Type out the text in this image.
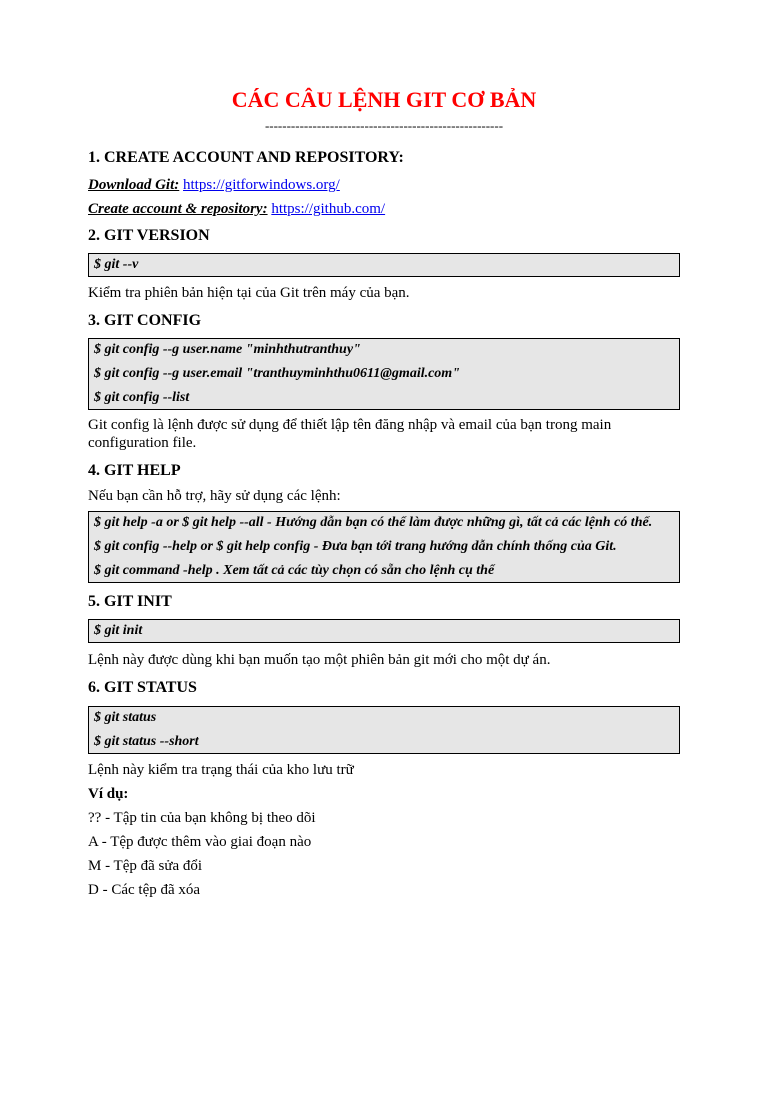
CÁC CÂU LỆNH GIT CƠ BẢN
-------------------------------------------------------
1. CREATE ACCOUNT AND REPOSITORY:

Download Git: https://gitforwindows.org/

Create account & repository: https://github.com/

2. GIT VERSION
$ git --v

Kiểm tra phiên bản hiện tại của Git trên máy của bạn.

3. GIT CONFIG
$ git config --g user.name "minhthutranthuy"
$ git config --g user.email "tranthuyminhthu0611@gmail.com"
$ git config --list

Git config là lệnh được sử dụng để thiết lập tên đăng nhập và email của bạn trong main configuration file.

4. GIT HELP

Nếu bạn cần hỗ trợ, hãy sử dụng các lệnh:

$ git help -a or $ git help --all - Hướng dẫn bạn có thể làm được những gì, tất cả các lệnh có thể.
$ git config --help or $ git help config - Đưa bạn tới trang hướng dẫn chính thống của Git.
$ git command -help . Xem tất cả các tùy chọn có sẵn cho lệnh cụ thể
5. GIT INIT
$ git init

Lệnh này được dùng khi bạn muốn tạo một phiên bản git mới cho một dự án.

6. GIT STATUS
$ git status
$ git status --short

Lệnh này kiểm tra trạng thái của kho lưu trữ

Ví dụ:

?? - Tập tin của bạn không bị theo dõi

A - Tệp được thêm vào giai đoạn nào

M - Tệp đã sửa đổi

D - Các tệp đã xóa
